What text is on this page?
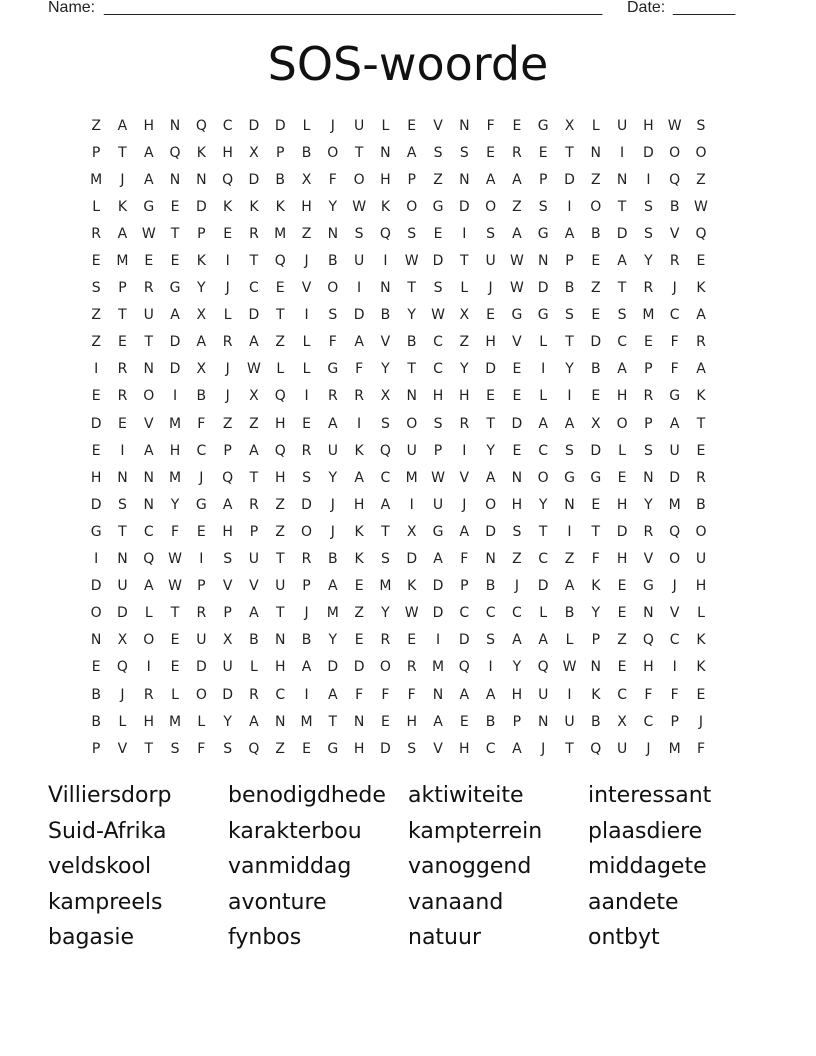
Name: ________________________________________________________ Date: _______
SOS-woorde
Z	A	H	N	Q	C	D	D	L	J	U	L	E	V	N	F	E	G	X	L	U	H	W	S
P	T	A	Q	K	H	X	P	B	O	T	N	A	S	S	E	R	E	T	N	I	D	O	O
M	J	A	N	N	Q	D	B	X	F	O	H	P	Z	N	A	A	P	D	Z	N	I	Q	Z
L	K	G	E	D	K	K	K	H	Y	W	K	O	G	D	O	Z	S	I	O	T	S	B	W
R	A	W	T	P	E	R	M	Z	N	S	Q	S	E	I	S	A	G	A	B	D	S	V	Q
E	M	E	E	K	I	T	Q	J	B	U	I	W	D	T	U	W	N	P	E	A	Y	R	E
S	P	R	G	Y	J	C	E	V	O	I	N	T	S	L	J	W	D	B	Z	T	R	J	K
Z	T	U	A	X	L	D	T	I	S	D	B	Y	W	X	E	G	G	S	E	S	M	C	A
Z	E	T	D	A	R	A	Z	L	F	A	V	B	C	Z	H	V	L	T	D	C	E	F	R
I	R	N	D	X	J	W	L	L	G	F	Y	T	C	Y	D	E	I	Y	B	A	P	F	A
E	R	O	I	B	J	X	Q	I	R	R	X	N	H	H	E	E	L	I	E	H	R	G	K
D	E	V	M	F	Z	Z	H	E	A	I	S	O	S	R	T	D	A	A	X	O	P	A	T
E	I	A	H	C	P	A	Q	R	U	K	Q	U	P	I	Y	E	C	S	D	L	S	U	E
H	N	N	M	J	Q	T	H	S	Y	A	C	M	W	V	A	N	O	G	G	E	N	D	R
D	S	N	Y	G	A	R	Z	D	J	H	A	I	U	J	O	H	Y	N	E	H	Y	M	B
G	T	C	F	E	H	P	Z	O	J	K	T	X	G	A	D	S	T	I	T	D	R	Q	O
I	N	Q	W	I	S	U	T	R	B	K	S	D	A	F	N	Z	C	Z	F	H	V	O	U
D	U	A	W	P	V	V	U	P	A	E	M	K	D	P	B	J	D	A	K	E	G	J	H
O	D	L	T	R	P	A	T	J	M	Z	Y	W	D	C	C	C	L	B	Y	E	N	V	L
N	X	O	E	U	X	B	N	B	Y	E	R	E	I	D	S	A	A	L	P	Z	Q	C	K
E	Q	I	E	D	U	L	H	A	D	D	O	R	M	Q	I	Y	Q	W	N	E	H	I	K
B	J	R	L	O	D	R	C	I	A	F	F	F	N	A	A	H	U	I	K	C	F	F	E
B	L	H	M	L	Y	A	N	M	T	N	E	H	A	E	B	P	N	U	B	X	C	P	J
P	V	T	S	F	S	Q	Z	E	G	H	D	S	V	H	C	A	J	T	Q	U	J	M	F
Villiersdorp	benodigdhede	aktiwiteite	interessant
Suid-Afrika	karakterbou	kampterrein	plaasdiere
veldskool	vanmiddag	vanoggend	middagete
kampreels	avonture	vanaand	aandete
bagasie	fynbos	natuur	ontbyt
